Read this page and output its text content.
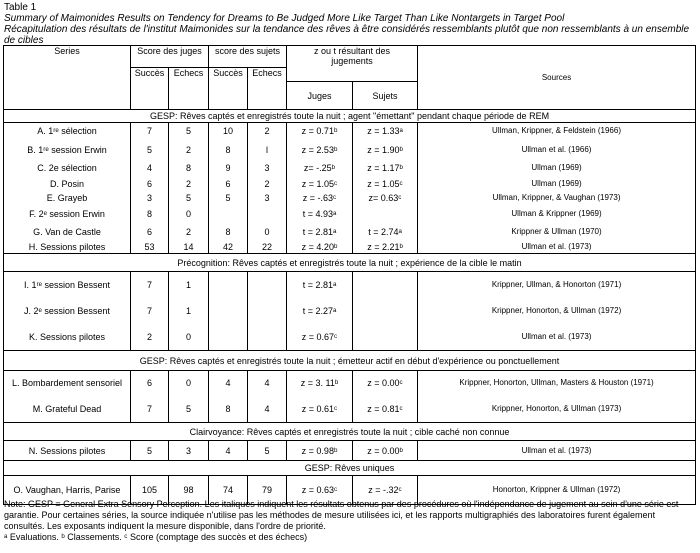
Table 1
Summary of Maimonides Results on Tendency for Dreams to Be Judged More Like Target Than Like Nontargets in Target Pool
Récapitulation des résultats de l'institut Maimonides sur la tendance des rêves à être considérés ressemblants plutôt que non ressemblants à un ensemble de cibles
Series	Score des juges		score des sujets		z ou t résultant des jugements		Sources
	Succès	Echecs	Succès	Echecs			
					Juges	Sujets	
GESP: Rêves captés et enregistrés toute la nuit ; agent "émettant" pendant chaque période de REM							
A. 1ʳᵉ sélection	7	5	10	2	z = 0.71ᵇ	z = 1.33ᵃ	Ullman, Krippner, & Feldstein (1966)
B. 1ʳᵉ session Erwin	5	2	8	l	z = 2.53ᵇ	z = 1.90ᵇ	Ullman et al. (1966)
C. 2e sélection	4	8	9	3	z= -.25ᵇ	z = 1.17ᵇ	Ullman (1969)
D. Posin	6	2	6	2	z = 1.05ᶜ	z = 1.05ᶜ	Ullman (1969)
E. Grayeb	3	5	5	3	z = -.63ᶜ	z= 0.63ᶜ	Ullman, Krippner, & Vaughan (1973)
F. 2ᵉ session Erwin	8	0			t = 4.93ᵃ		Ullman & Krippner (1969)
G. Van de Castle	6	2	8	0	t = 2.81ᵃ	t = 2.74ᵃ	Krippner & Ullman (1970)
H. Sessions pilotes	53	14	42	22	z = 4.20ᵇ	z = 2.21ᵇ	Ullman et al. (1973)
Précognition: Rêves captés et enregistrés toute la nuit ; expérience de la cible le matin							
I. 1ʳᵉ session Bessent	7	1			t = 2.81ᵃ		Krippner, Ullman, & Honorton (1971)
J. 2ᵉ session Bessent	7	1			t = 2.27ᵃ		Krippner, Honorton, & Ullman (1972)
K. Sessions pilotes	2	0			z = 0.67ᶜ		Ullman et al. (1973)
GESP: Rêves captés et enregistrés toute la nuit ; émetteur actif en début d'expérience ou ponctuellement							
L. Bombardement sensoriel	6	0	4	4	z = 3. 11ᵇ	z = 0.00ᶜ	Krippner, Honorton, Ullman, Masters & Houston (1971)
M. Grateful Dead	7	5	8	4	z = 0.61ᶜ	z = 0.81ᶜ	Krippner, Honorton, & Ullman (1973)
Clairvoyance: Rêves captés et enregistrés toute la nuit ; cible caché non connue							
N. Sessions pilotes	5	3	4	5	z = 0.98ᵇ	z = 0.00ᵇ	Ullman et al. (1973)
GESP: Rêves uniques							
O. Vaughan, Harris, Parise	105	98	74	79	z = 0.63ᶜ	z = -.32ᶜ	Honorton, Krippner & Ullman (1972)
Note: GESP = General Extra Sensory Perception. Les italiques indiquent les résultats obtenus par des procédures où l'indépendance de jugement au sein d'une série est
garantie. Pour certaines séries, la source indiquée n'utilise pas les méthodes de mesure utilisées ici, et les rapports multigraphiés des laboratoires furent également
consultés. Les exposants indiquent la mesure disponible, dans l'ordre de priorité.
ᵃ Evaluations. ᵇ Classements. ᶜ Score (comptage des succès et des échecs)
